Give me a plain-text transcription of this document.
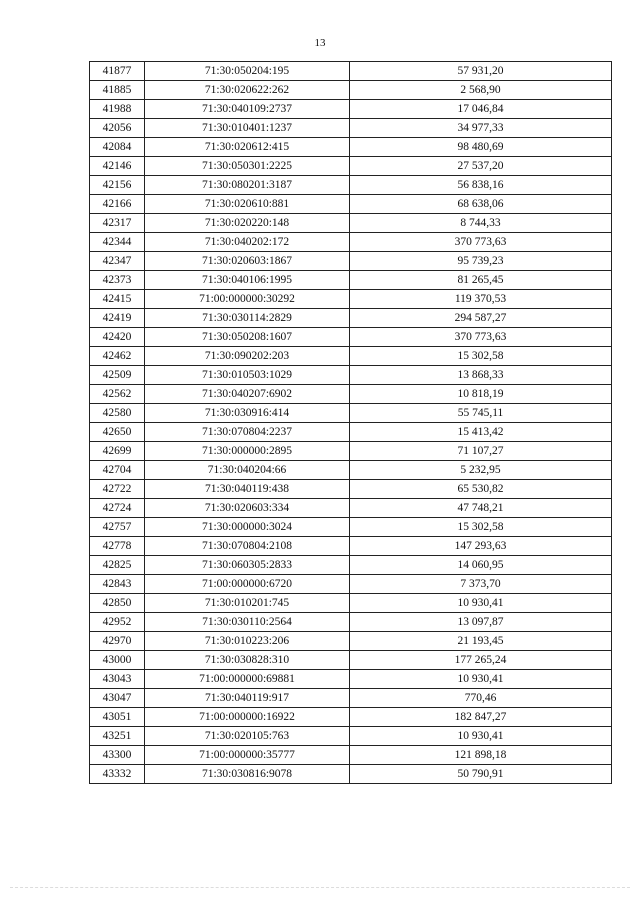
13
41877	71:30:050204:195	57 931,20
41885	71:30:020622:262	2 568,90
41988	71:30:040109:2737	17 046,84
42056	71:30:010401:1237	34 977,33
42084	71:30:020612:415	98 480,69
42146	71:30:050301:2225	27 537,20
42156	71:30:080201:3187	56 838,16
42166	71:30:020610:881	68 638,06
42317	71:30:020220:148	8 744,33
42344	71:30:040202:172	370 773,63
42347	71:30:020603:1867	95 739,23
42373	71:30:040106:1995	81 265,45
42415	71:00:000000:30292	119 370,53
42419	71:30:030114:2829	294 587,27
42420	71:30:050208:1607	370 773,63
42462	71:30:090202:203	15 302,58
42509	71:30:010503:1029	13 868,33
42562	71:30:040207:6902	10 818,19
42580	71:30:030916:414	55 745,11
42650	71:30:070804:2237	15 413,42
42699	71:30:000000:2895	71 107,27
42704	71:30:040204:66	5 232,95
42722	71:30:040119:438	65 530,82
42724	71:30:020603:334	47 748,21
42757	71:30:000000:3024	15 302,58
42778	71:30:070804:2108	147 293,63
42825	71:30:060305:2833	14 060,95
42843	71:00:000000:6720	7 373,70
42850	71:30:010201:745	10 930,41
42952	71:30:030110:2564	13 097,87
42970	71:30:010223:206	21 193,45
43000	71:30:030828:310	177 265,24
43043	71:00:000000:69881	10 930,41
43047	71:30:040119:917	770,46
43051	71:00:000000:16922	182 847,27
43251	71:30:020105:763	10 930,41
43300	71:00:000000:35777	121 898,18
43332	71:30:030816:9078	50 790,91
